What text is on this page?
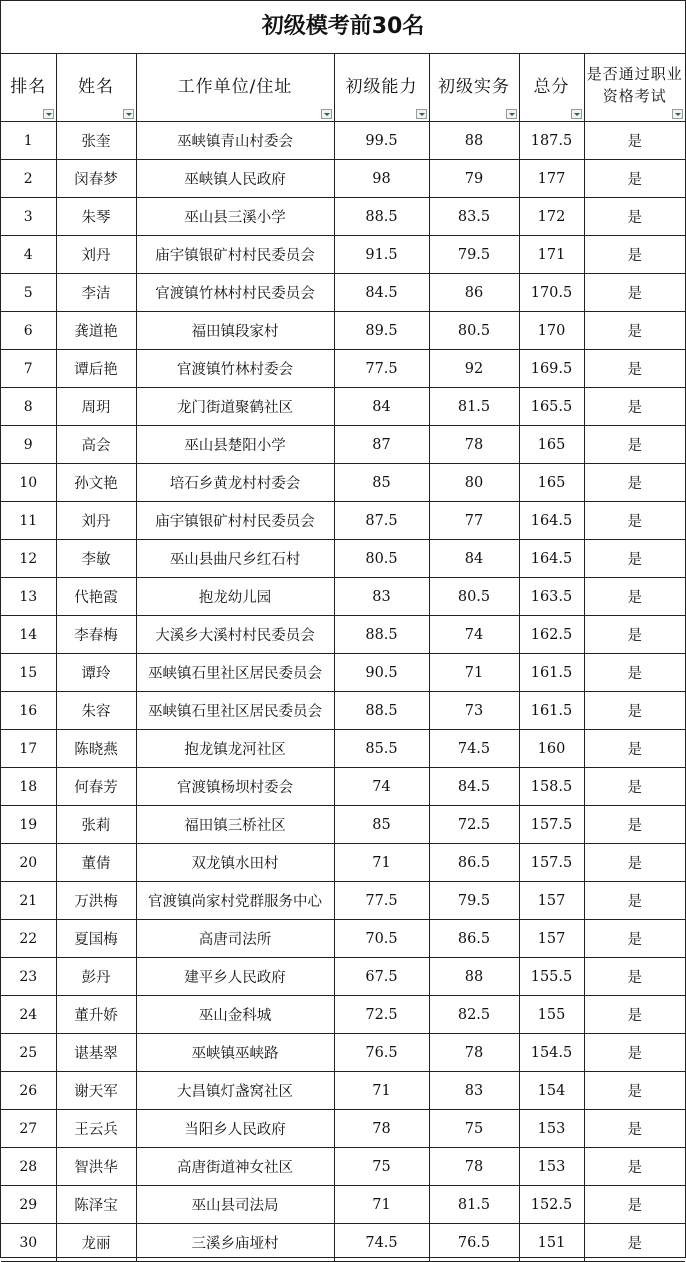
初级模考前30名
排名	姓名	工作单位/住址	初级能力	初级实务	总分	是否通过职业资格考试

1	张奎	巫峡镇青山村委会	99.5	88	187.5	是
2	闵春梦	巫峡镇人民政府	98	79	177	是
3	朱琴	巫山县三溪小学	88.5	83.5	172	是
4	刘丹	庙宇镇银矿村村民委员会	91.5	79.5	171	是
5	李洁	官渡镇竹林村村民委员会	84.5	86	170.5	是
6	龚道艳	福田镇段家村	89.5	80.5	170	是
7	谭后艳	官渡镇竹林村委会	77.5	92	169.5	是
8	周玥	龙门街道聚鹤社区	84	81.5	165.5	是
9	高会	巫山县楚阳小学	87	78	165	是
10	孙文艳	培石乡黄龙村村委会	85	80	165	是
11	刘丹	庙宇镇银矿村村民委员会	87.5	77	164.5	是
12	李敏	巫山县曲尺乡红石村	80.5	84	164.5	是
13	代艳霞	抱龙幼儿园	83	80.5	163.5	是
14	李春梅	大溪乡大溪村村民委员会	88.5	74	162.5	是
15	谭玲	巫峡镇石里社区居民委员会	90.5	71	161.5	是
16	朱容	巫峡镇石里社区居民委员会	88.5	73	161.5	是
17	陈晓燕	抱龙镇龙河社区	85.5	74.5	160	是
18	何春芳	官渡镇杨坝村委会	74	84.5	158.5	是
19	张莉	福田镇三桥社区	85	72.5	157.5	是
20	董倩	双龙镇水田村	71	86.5	157.5	是
21	万洪梅	官渡镇尚家村党群服务中心	77.5	79.5	157	是
22	夏国梅	高唐司法所	70.5	86.5	157	是
23	彭丹	建平乡人民政府	67.5	88	155.5	是
24	董升娇	巫山金科城	72.5	82.5	155	是
25	谌基翠	巫峡镇巫峡路	76.5	78	154.5	是
26	谢天军	大昌镇灯盏窝社区	71	83	154	是
27	王云兵	当阳乡人民政府	78	75	153	是
28	智洪华	高唐街道神女社区	75	78	153	是
29	陈泽宝	巫山县司法局	71	81.5	152.5	是
30	龙丽	三溪乡庙垭村	74.5	76.5	151	是
